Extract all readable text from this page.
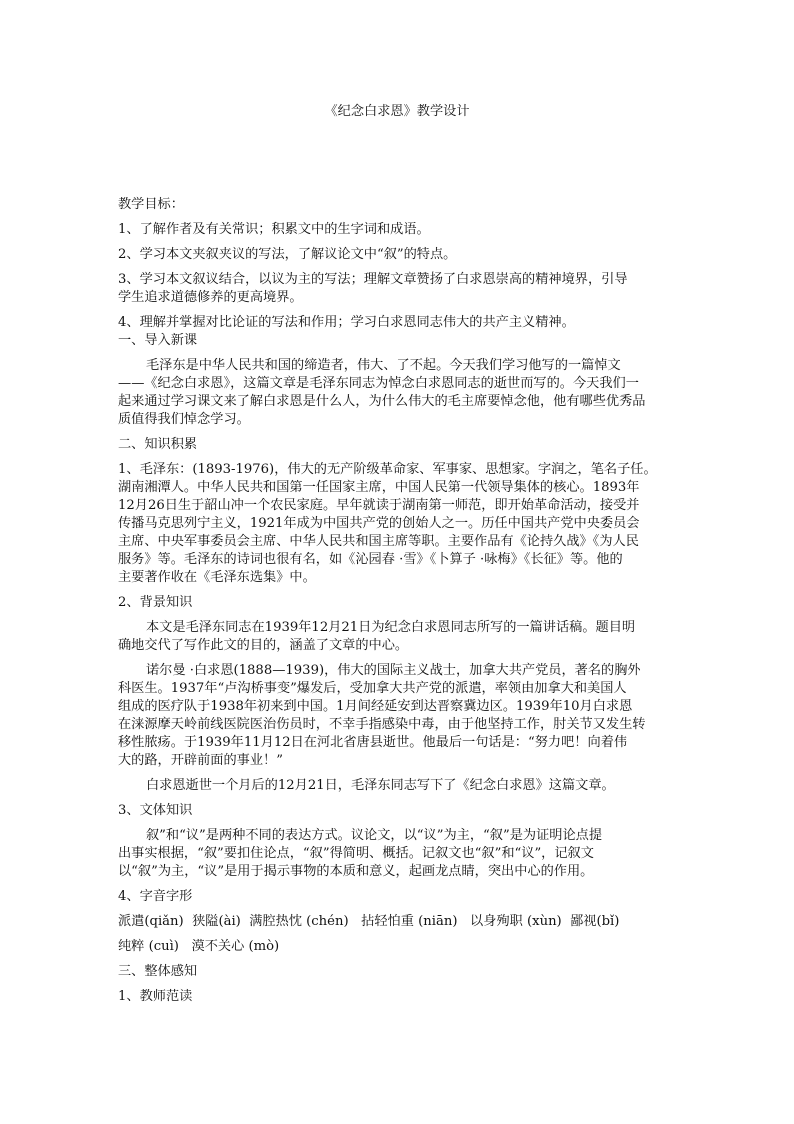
《纪念白求恩》教学设计
教学目标：
1、了解作者及有关常识；积累文中的生字词和成语。
2、学习本文夹叙夹议的写法，了解议论文中“叙”的特点。
3、学习本文叙议结合，以议为主的写法；理解文章赞扬了白求恩崇高的精神境界，引导
学生追求道德修养的更高境界。
4、理解并掌握对比论证的写法和作用；学习白求恩同志伟大的共产主义精神。
一、导入新课
毛泽东是中华人民共和国的缔造者，伟大、了不起。今天我们学习他写的一篇悼文
——《纪念白求恩》，这篇文章是毛泽东同志为悼念白求恩同志的逝世而写的。今天我们一
起来通过学习课文来了解白求恩是什么人，为什么伟大的毛主席要悼念他，他有哪些优秀品
质值得我们悼念学习。
二、知识积累
1、毛泽东：(1893-1976)，伟大的无产阶级革命家、军事家、思想家。字润之，笔名子任。
湖南湘潭人。中华人民共和国第一任国家主席，中国人民第一代领导集体的核心。1893年
12月26日生于韶山冲一个农民家庭。早年就读于湖南第一师范，即开始革命活动，接受并
传播马克思列宁主义，1921年成为中国共产党的创始人之一。历任中国共产党中央委员会
主席、中央军事委员会主席、中华人民共和国主席等职。主要作品有《论持久战》《为人民
服务》等。毛泽东的诗词也很有名，如《沁园春 ·雪》《卜算子 ·咏梅》《长征》等。他的
主要著作收在《毛泽东选集》中。
2、背景知识
本文是毛泽东同志在1939年12月21日为纪念白求恩同志所写的一篇讲话稿。题目明
确地交代了写作此文的目的，涵盖了文章的中心。
诺尔曼 ·白求恩(1888—1939)，伟大的国际主义战士，加拿大共产党员，著名的胸外
科医生。1937年“卢沟桥事变”爆发后，受加拿大共产党的派遣，率领由加拿大和美国人
组成的医疗队于1938年初来到中国。1月间经延安到达晋察冀边区。1939年10月白求恩
在涞源摩天岭前线医院医治伤员时，不幸手指感染中毒，由于他坚持工作，肘关节又发生转
移性脓疡。于1939年11月12日在河北省唐县逝世。他最后一句话是：“努力吧！向着伟
大的路，开辟前面的事业！”
白求恩逝世一个月后的12月21日，毛泽东同志写下了《纪念白求恩》这篇文章。
3、文体知识
叙”和“议”是两种不同的表达方式。议论文，以“议”为主，“叙”是为证明论点提
出事实根据，“叙”要扣住论点，“叙”得简明、概括。记叙文也“叙”和“议”，记叙文
以“叙”为主，“议”是用于揭示事物的本质和意义，起画龙点睛，突出中心的作用。
4、字音字形
派遣(qiǎn)  狭隘(ài)  满腔热忱 (chén)   拈轻怕重 (niān)   以身殉职 (xùn)  鄙视(bǐ)
纯粹 (cuì)   漠不关心 (mò)
三、整体感知
1、教师范读
